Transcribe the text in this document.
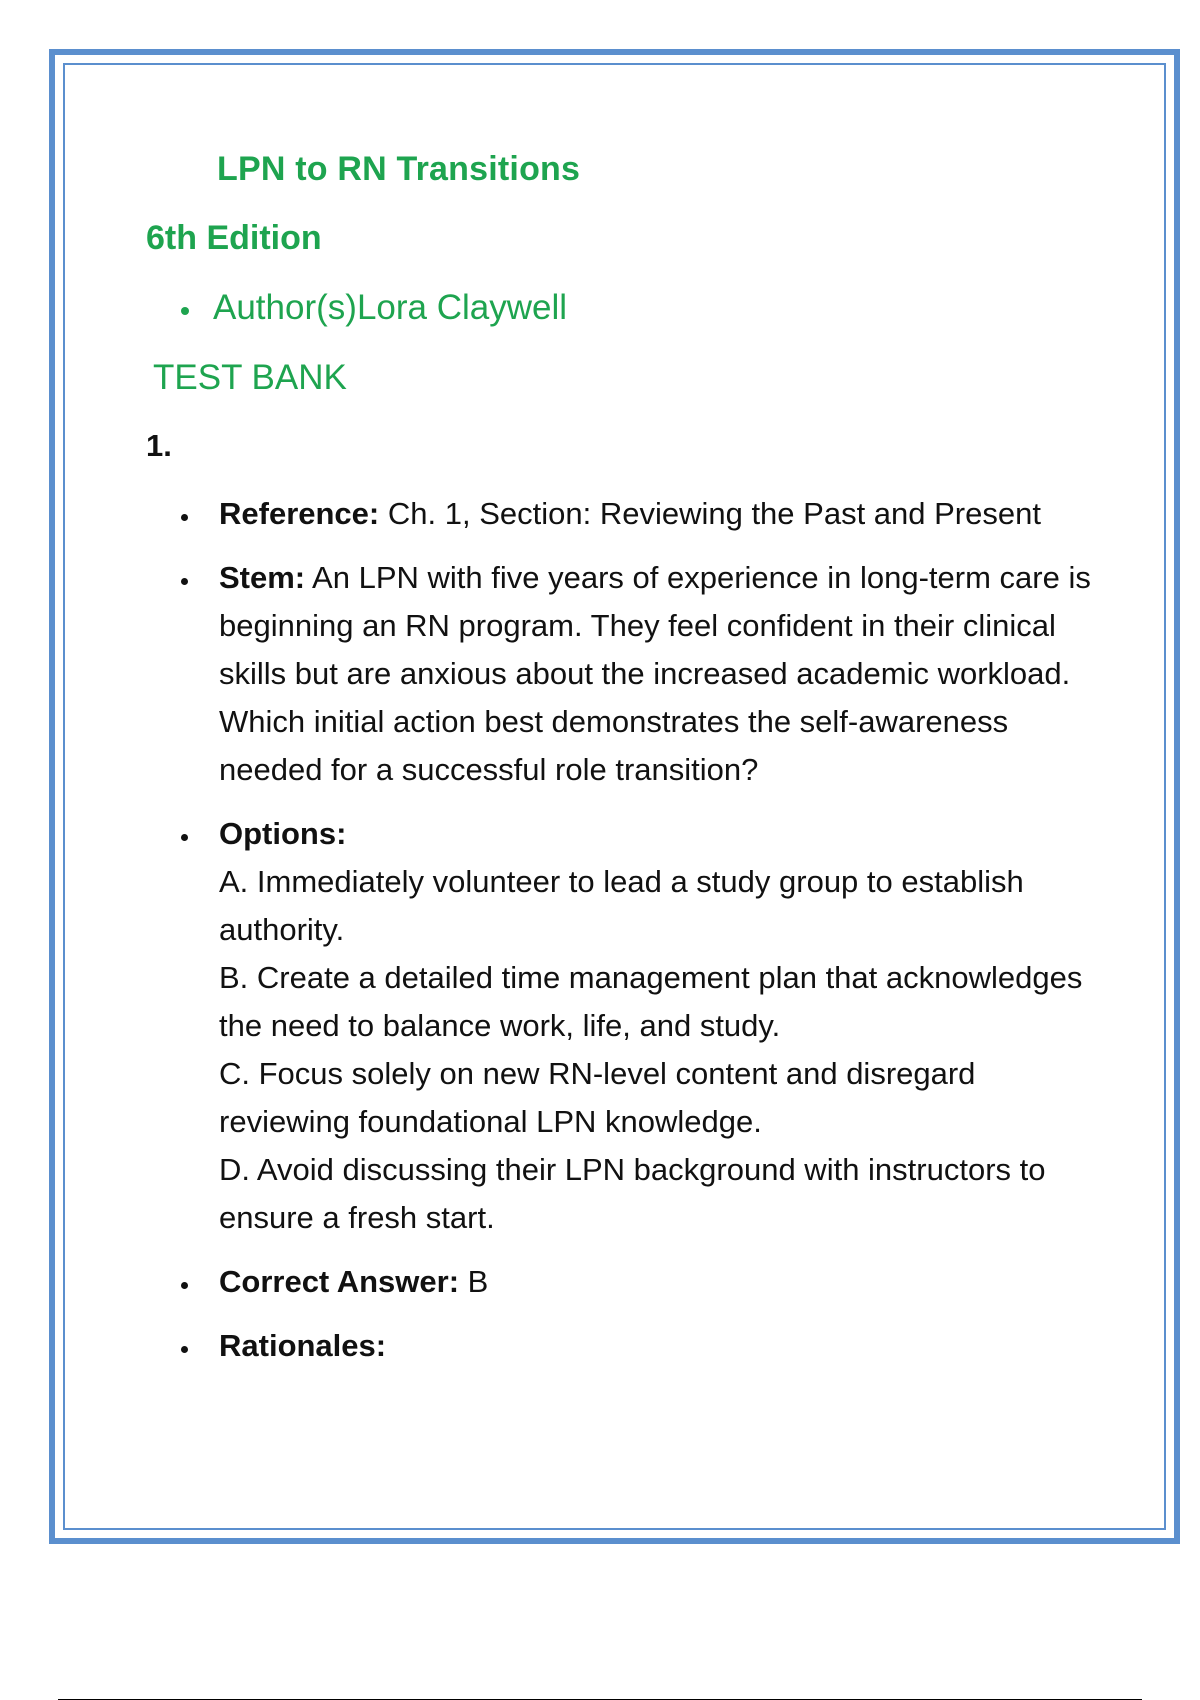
LPN to RN Transitions
6th Edition
Author(s) Lora Claywell
TEST BANK
1.
Reference: Ch. 1, Section: Reviewing the Past and Present
Stem: An LPN with five years of experience in long-term care is beginning an RN program. They feel confident in their clinical skills but are anxious about the increased academic workload. Which initial action best demonstrates the self-awareness needed for a successful role transition?
Options:
A. Immediately volunteer to lead a study group to establish authority.
B. Create a detailed time management plan that acknowledges the need to balance work, life, and study.
C. Focus solely on new RN-level content and disregard reviewing foundational LPN knowledge.
D. Avoid discussing their LPN background with instructors to ensure a fresh start.
Correct Answer: B
Rationales:
